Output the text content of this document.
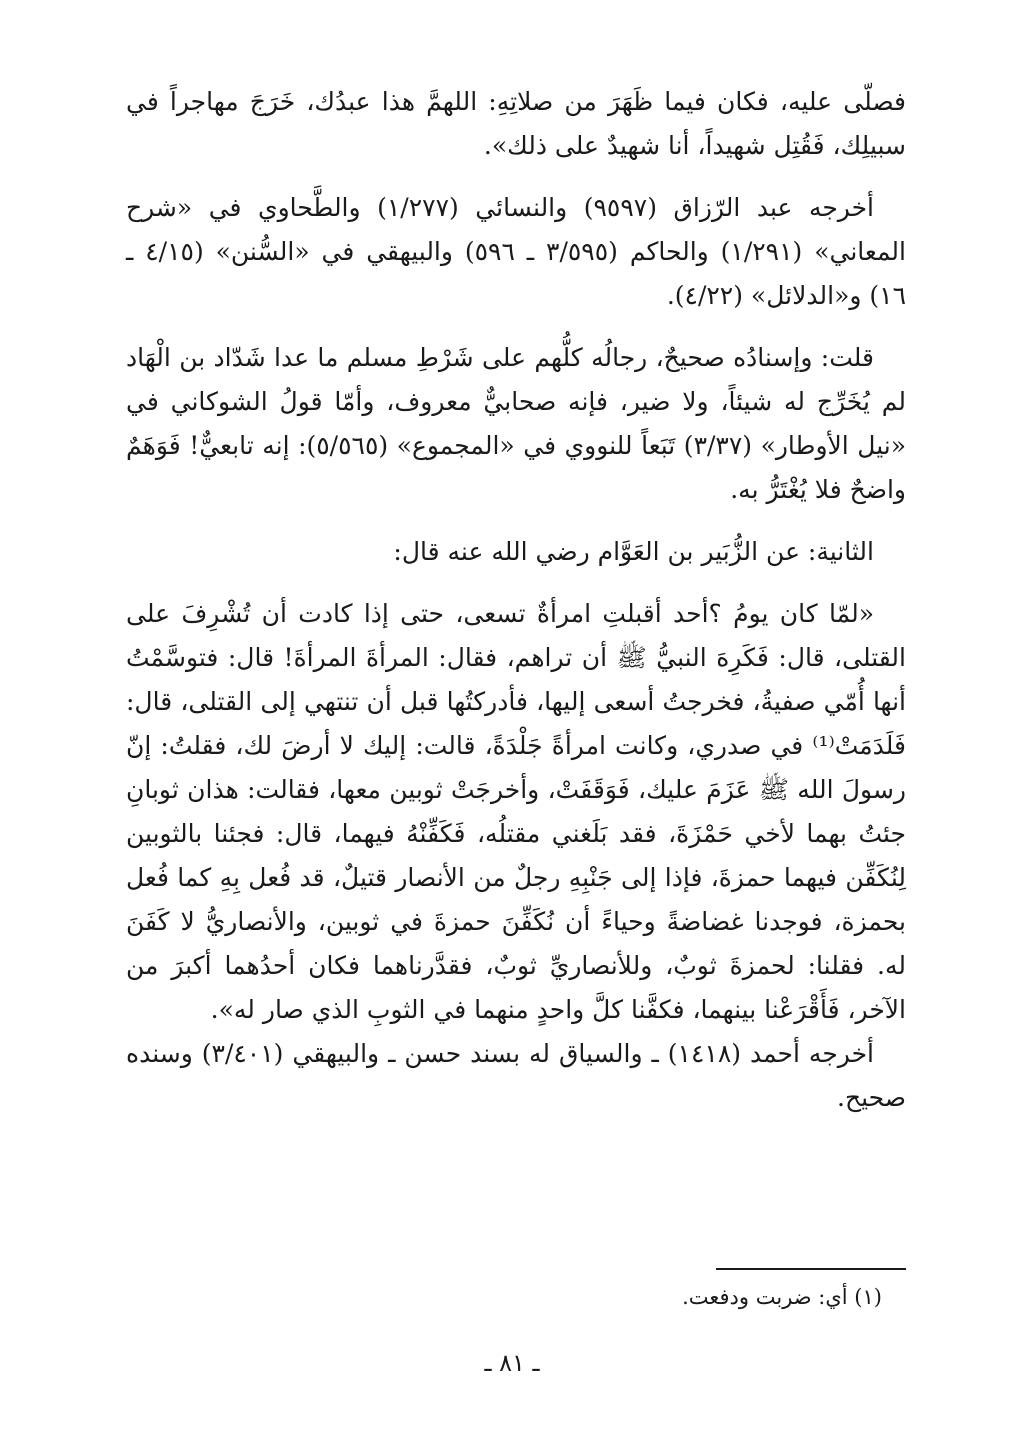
فصلّى عليه، فكان فيما ظَهَرَ من صلاتِهِ: اللهمَّ هذا عبدُك، خَرَجَ مهاجراً في سبيلِك، فَقُتِل شهيداً، أنا شهيدٌ على ذلك».

أخرجه عبد الرّزاق (٩٥٩٧) والنسائي (١/٢٧٧) والطَّحاوي في «شرح المعاني» (١/٢٩١) والحاكم (٣/٥٩٥ ـ ٥٩٦) والبيهقي في «السُّنن» (٤/١٥ ـ ١٦) و«الدلائل» (٤/٢٢).

قلت: وإسنادُه صحيحٌ، رجالُه كلُّهم على شَرْطِ مسلم ما عدا شَدّاد بن الْهَاد لم يُخَرِّج له شيئاً، ولا ضير، فإنه صحابيٌّ معروف، وأمّا قولُ الشوكاني في «نيل الأوطار» (٣/٣٧) تَبَعاً للنووي في «المجموع» (٥/٥٦٥): إنه تابعيٌّ! فَوَهَمٌ واضحٌ فلا يُغْتَرُّ به.

الثانية: عن الزُّبَير بن العَوَّام رضي الله عنه قال:

«لمّا كان يومُ ؟أحد أقبلتِ امرأةٌ تسعى، حتى إذا كادت أن تُشْرِفَ على القتلى، قال: فَكَرِهَ النبيُّ ﷺ أن تراهم، فقال: المرأةَ المرأةَ! قال: فتوسَّمْتُ أنها أُمّي صفيةُ، فخرجتُ أسعى إليها، فأدركتُها قبل أن تنتهي إلى القتلى، قال: فَلَدَمَتْ⁽¹⁾ في صدري، وكانت امرأةً جَلْدَةً، قالت: إليك لا أرضَ لك، فقلتُ: إنّ رسولَ الله ﷺ عَزَمَ عليك، فَوَقَفَتْ، وأخرجَتْ ثوبين معها، فقالت: هذان ثوبانِ جئتُ بهما لأخي حَمْزَةَ، فقد بَلَغني مقتلُه، فَكَفِّنْهُ فيهما، قال: فجئنا بالثوبين لِنُكَفِّن فيهما حمزةَ، فإذا إلى جَنْبِهِ رجلٌ من الأنصار قتيلٌ، قد فُعل بِهِ كما فُعل بحمزة، فوجدنا غضاضةً وحياءً أن نُكَفِّنَ حمزةَ في ثوبين، والأنصاريُّ لا كَفَنَ له. فقلنا: لحمزةَ ثوبٌ، وللأنصاريِّ ثوبٌ، فقدَّرناهما فكان أحدُهما أكبرَ من الآخر، فَأَقْرَعْنا بينهما، فكفَّنا كلَّ واحدٍ منهما في الثوبِ الذي صار له».

أخرجه أحمد (١٤١٨) ـ والسياق له بسند حسن ـ والبيهقي (٣/٤٠١) وسنده صحيح.

(١) أي: ضربت ودفعت.
ـ ٨١ ـ
